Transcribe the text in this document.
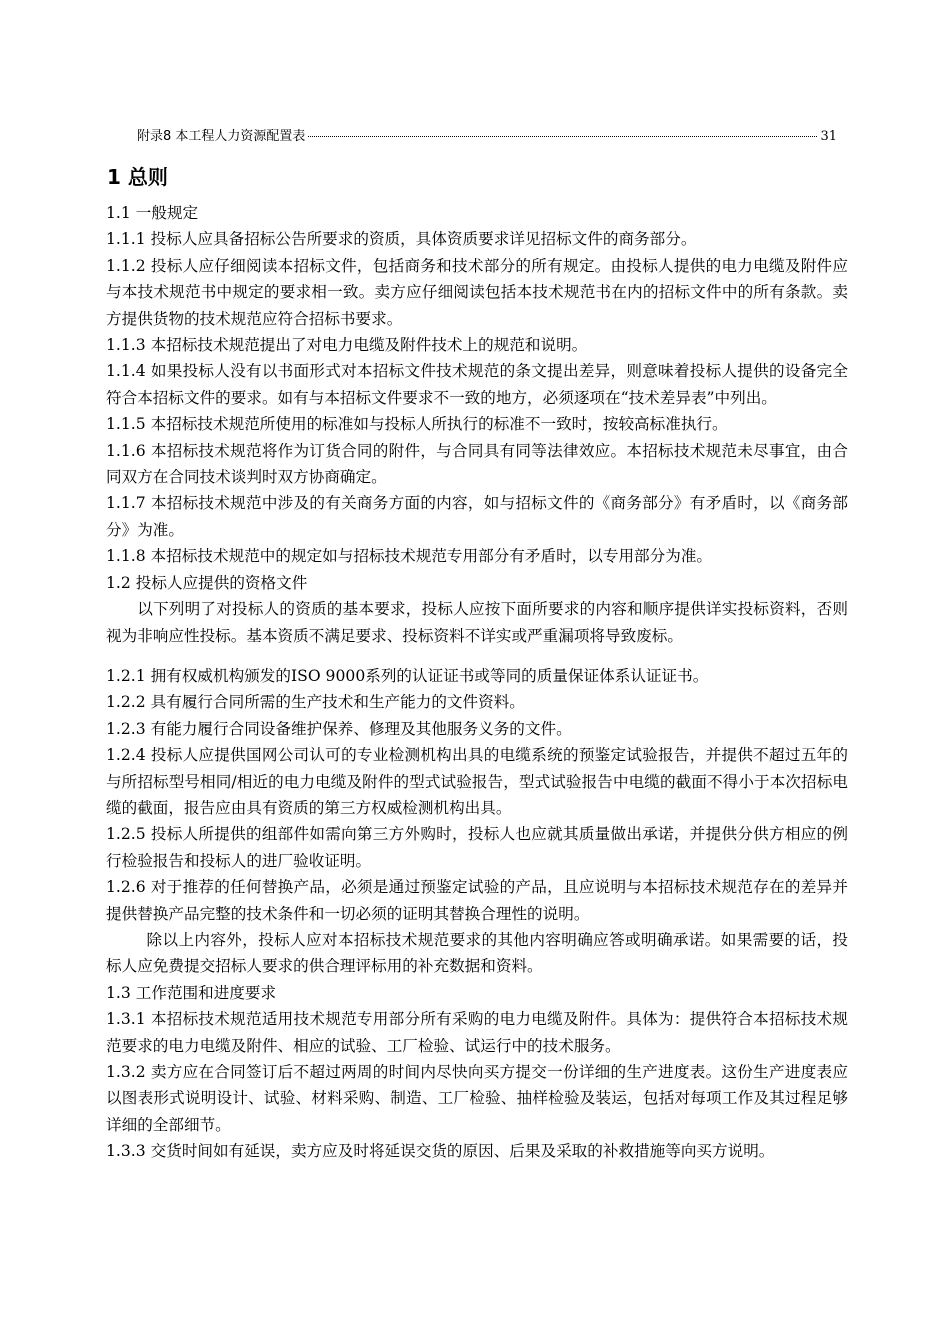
附录8 本工程人力资源配置表	31
1 总则

1.1 一般规定

1.1.1 投标人应具备招标公告所要求的资质，具体资质要求详见招标文件的商务部分。

1.1.2 投标人应仔细阅读本招标文件，包括商务和技术部分的所有规定。由投标人提供的电力电缆及附件应与本技术规范书中规定的要求相一致。卖方应仔细阅读包括本技术规范书在内的招标文件中的所有条款。卖方提供货物的技术规范应符合招标书要求。

1.1.3 本招标技术规范提出了对电力电缆及附件技术上的规范和说明。

1.1.4 如果投标人没有以书面形式对本招标文件技术规范的条文提出差异，则意味着投标人提供的设备完全符合本招标文件的要求。如有与本招标文件要求不一致的地方，必须逐项在“技术差异表”中列出。

1.1.5 本招标技术规范所使用的标准如与投标人所执行的标准不一致时，按较高标准执行。

1.1.6 本招标技术规范将作为订货合同的附件，与合同具有同等法律效应。本招标技术规范未尽事宜，由合同双方在合同技术谈判时双方协商确定。

1.1.7 本招标技术规范中涉及的有关商务方面的内容，如与招标文件的《商务部分》有矛盾时，以《商务部分》为准。

1.1.8 本招标技术规范中的规定如与招标技术规范专用部分有矛盾时，以专用部分为准。

1.2 投标人应提供的资格文件

以下列明了对投标人的资质的基本要求，投标人应按下面所要求的内容和顺序提供详实投标资料，否则视为非响应性投标。基本资质不满足要求、投标资料不详实或严重漏项将导致废标。

1.2.1 拥有权威机构颁发的ISO 9000系列的认证证书或等同的质量保证体系认证证书。

1.2.2 具有履行合同所需的生产技术和生产能力的文件资料。

1.2.3 有能力履行合同设备维护保养、修理及其他服务义务的文件。

1.2.4 投标人应提供国网公司认可的专业检测机构出具的电缆系统的预鉴定试验报告，并提供不超过五年的与所招标型号相同/相近的电力电缆及附件的型式试验报告，型式试验报告中电缆的截面不得小于本次招标电缆的截面，报告应由具有资质的第三方权威检测机构出具。

1.2.5 投标人所提供的组部件如需向第三方外购时，投标人也应就其质量做出承诺，并提供分供方相应的例行检验报告和投标人的进厂验收证明。

1.2.6 对于推荐的任何替换产品，必须是通过预鉴定试验的产品，且应说明与本招标技术规范存在的差异并提供替换产品完整的技术条件和一切必须的证明其替换合理性的说明。

除以上内容外，投标人应对本招标技术规范要求的其他内容明确应答或明确承诺。如果需要的话，投标人应免费提交招标人要求的供合理评标用的补充数据和资料。

1.3 工作范围和进度要求

1.3.1 本招标技术规范适用技术规范专用部分所有采购的电力电缆及附件。具体为：提供符合本招标技术规范要求的电力电缆及附件、相应的试验、工厂检验、试运行中的技术服务。

1.3.2 卖方应在合同签订后不超过两周的时间内尽快向买方提交一份详细的生产进度表。这份生产进度表应以图表形式说明设计、试验、材料采购、制造、工厂检验、抽样检验及装运，包括对每项工作及其过程足够详细的全部细节。

1.3.3 交货时间如有延误，卖方应及时将延误交货的原因、后果及采取的补救措施等向买方说明。
